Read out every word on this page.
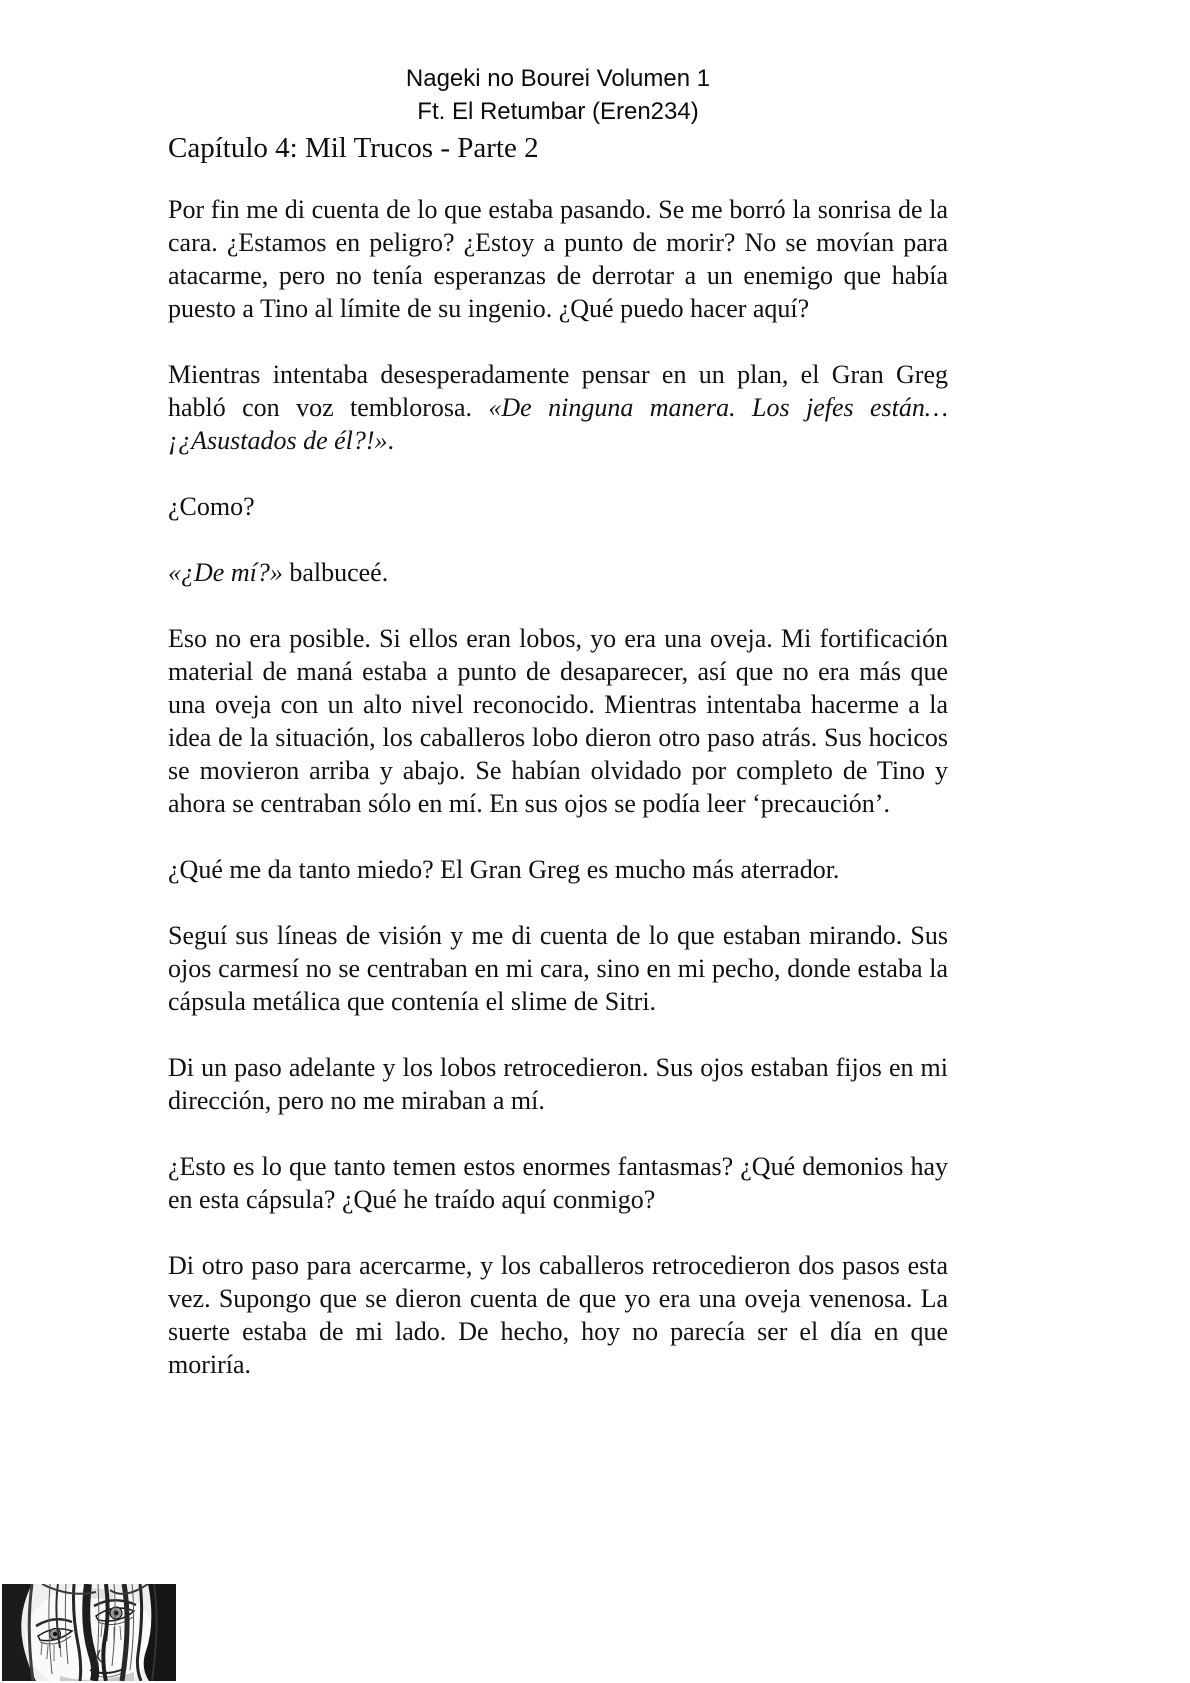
Nageki no Bourei Volumen 1
Ft. El Retumbar (Eren234)
Capítulo 4: Mil Trucos - Parte 2

Por fin me di cuenta de lo que estaba pasando. Se me borró la sonrisa de la cara. ¿Estamos en peligro? ¿Estoy a punto de morir? No se movían para atacarme, pero no tenía esperanzas de derrotar a un enemigo que había puesto a Tino al límite de su ingenio. ¿Qué puedo hacer aquí?

Mientras intentaba desesperadamente pensar en un plan, el Gran Greg habló con voz temblorosa. «De ninguna manera. Los jefes están… ¡¿Asustados de él?!».

¿Como?

«¿De mí?» balbuceé.

Eso no era posible. Si ellos eran lobos, yo era una oveja. Mi fortificación material de maná estaba a punto de desaparecer, así que no era más que una oveja con un alto nivel reconocido. Mientras intentaba hacerme a la idea de la situación, los caballeros lobo dieron otro paso atrás. Sus hocicos se movieron arriba y abajo. Se habían olvidado por completo de Tino y ahora se centraban sólo en mí. En sus ojos se podía leer ‘precaución’.

¿Qué me da tanto miedo? El Gran Greg es mucho más aterrador.

Seguí sus líneas de visión y me di cuenta de lo que estaban mirando. Sus ojos carmesí no se centraban en mi cara, sino en mi pecho, donde estaba la cápsula metálica que contenía el slime de Sitri.

Di un paso adelante y los lobos retrocedieron. Sus ojos estaban fijos en mi dirección, pero no me miraban a mí.

¿Esto es lo que tanto temen estos enormes fantasmas? ¿Qué demonios hay en esta cápsula? ¿Qué he traído aquí conmigo?

Di otro paso para acercarme, y los caballeros retrocedieron dos pasos esta vez. Supongo que se dieron cuenta de que yo era una oveja venenosa. La suerte estaba de mi lado. De hecho, hoy no parecía ser el día en que moriría.
